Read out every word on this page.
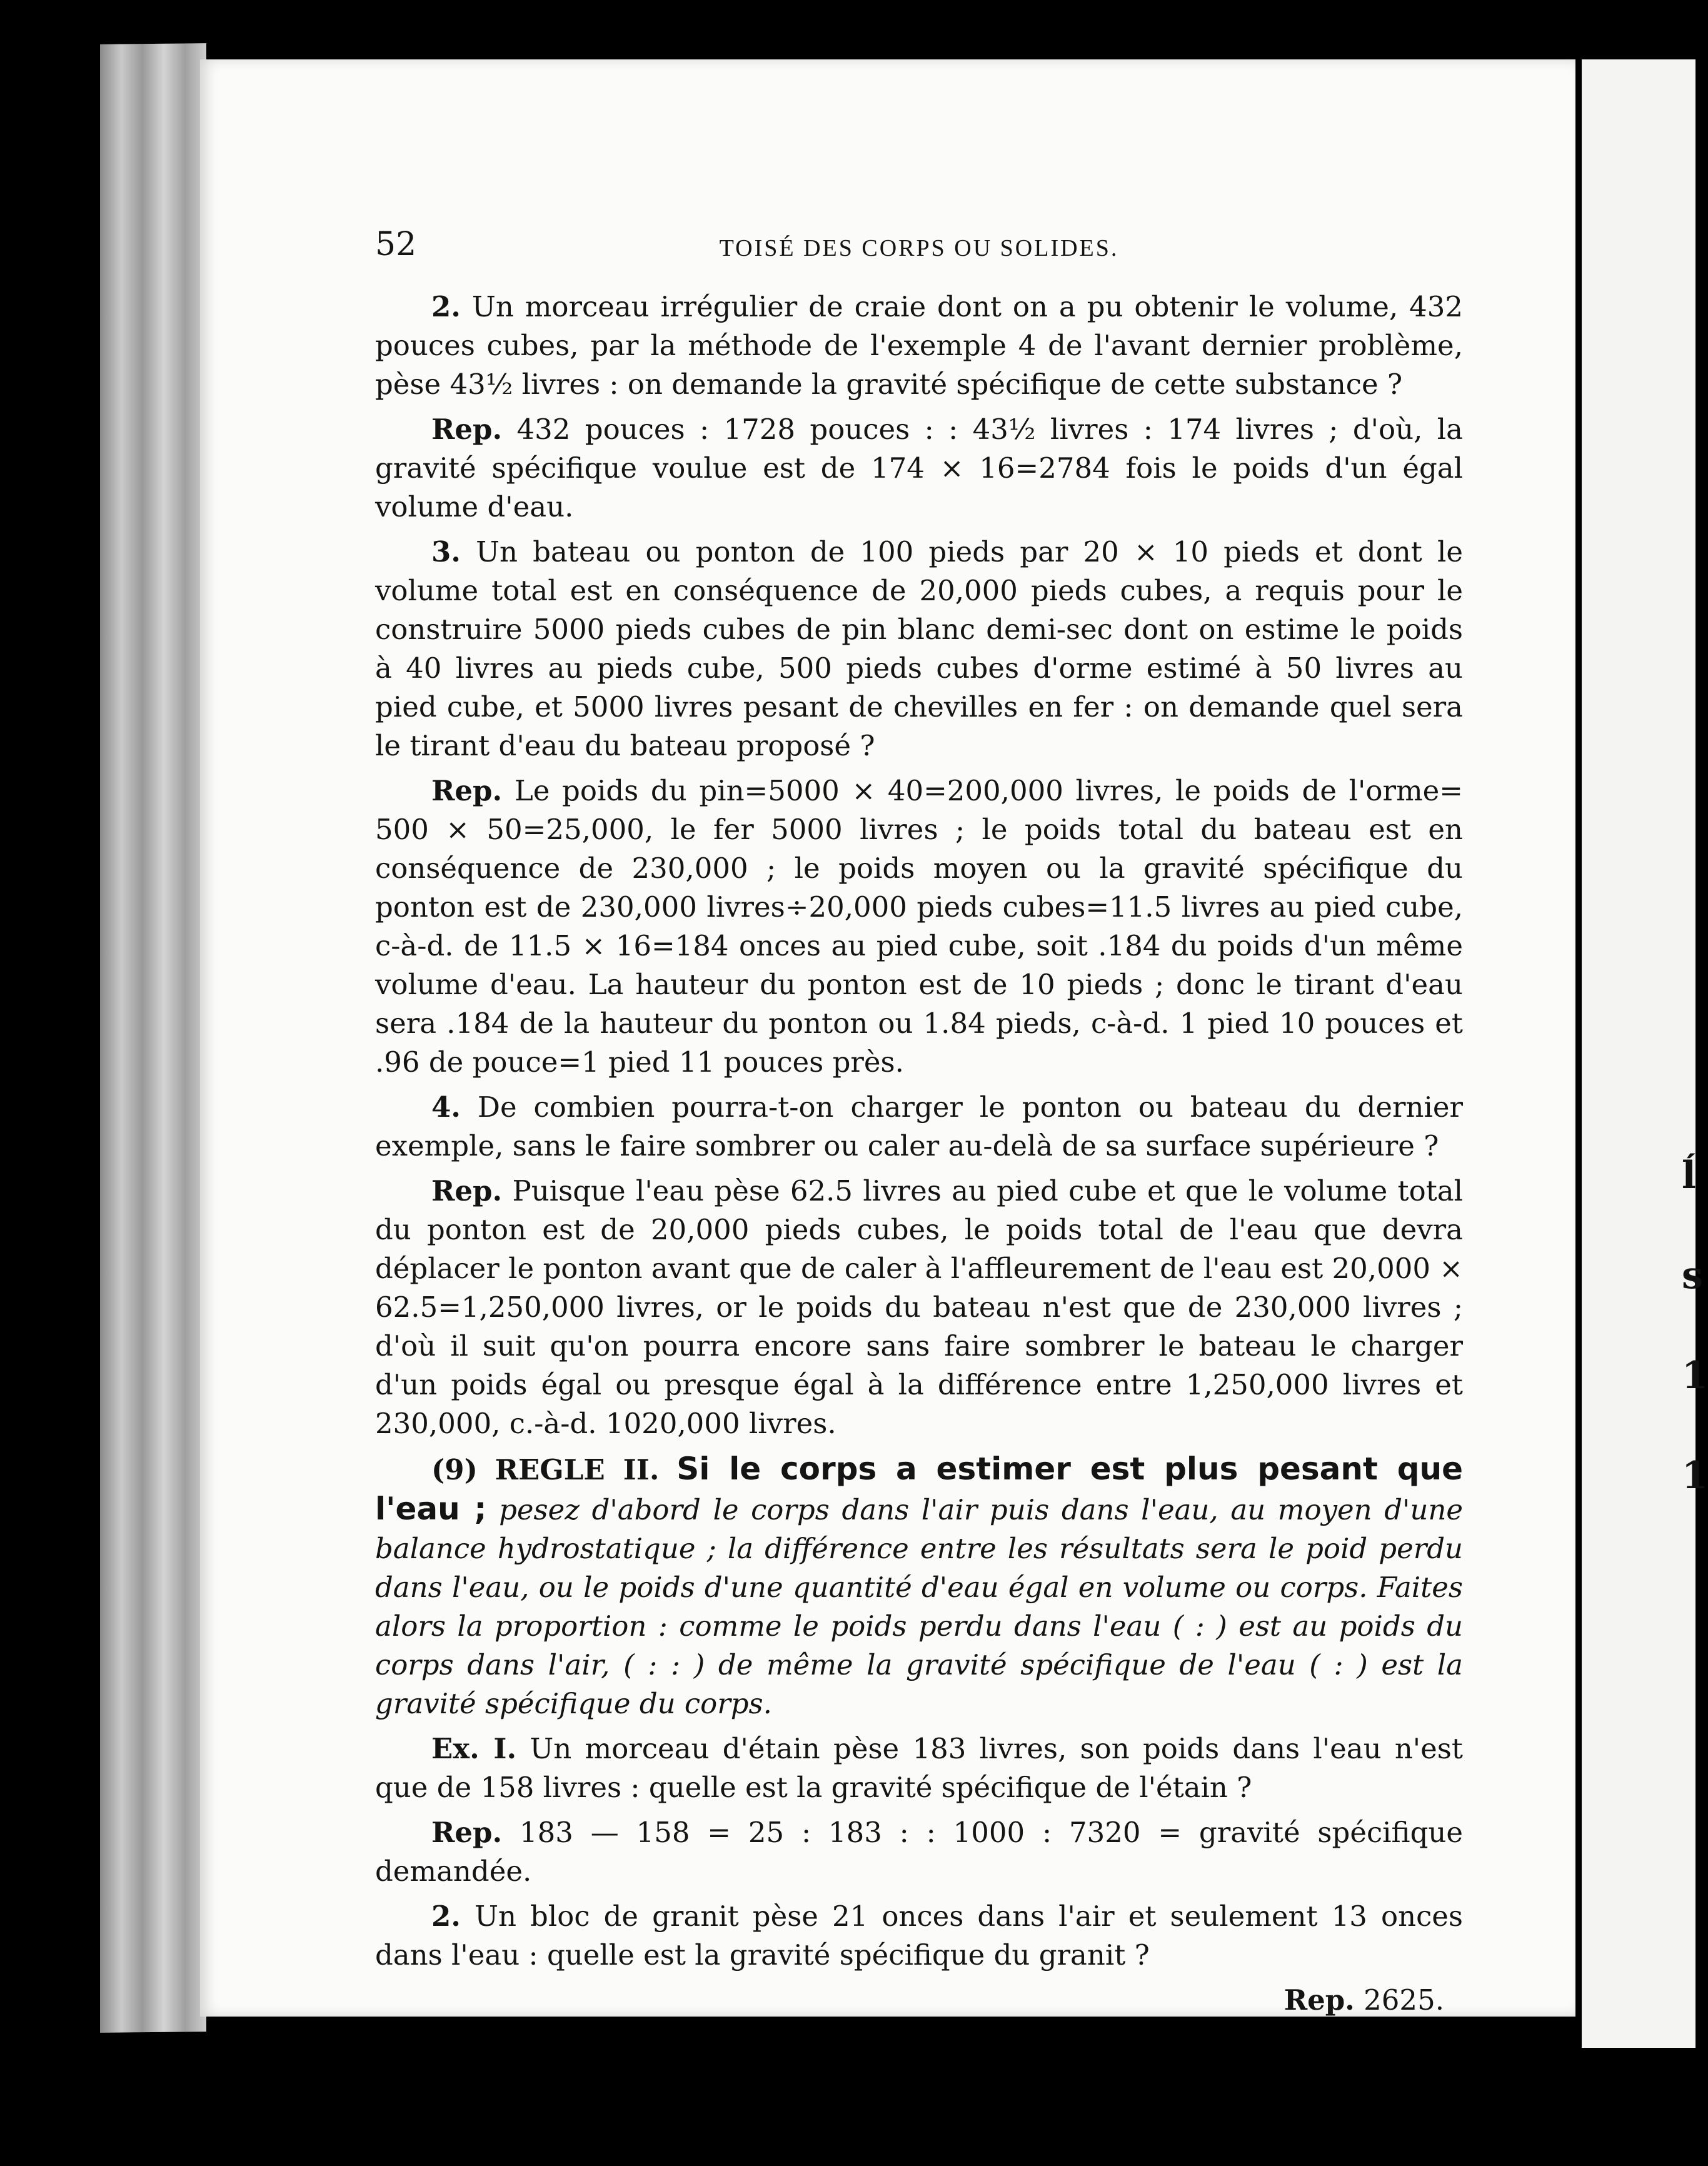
ĺ
s
1
1
52	TOISÉ DES CORPS OU SOLIDES.

2. Un morceau irrégulier de craie dont on a pu obtenir le volume, 432 pouces cubes, par la méthode de l'exemple 4 de l'avant dernier problème, pèse 43½ livres : on demande la gravité spécifique de cette substance ?

Rep. 432 pouces : 1728 pouces : : 43½ livres : 174 livres ; d'où, la gravité spécifique voulue est de 174 × 16=2784 fois le poids d'un égal volume d'eau.

3. Un bateau ou ponton de 100 pieds par 20 × 10 pieds et dont le volume total est en conséquence de 20,000 pieds cubes, a requis pour le construire 5000 pieds cubes de pin blanc demi-sec dont on estime le poids à 40 livres au pieds cube, 500 pieds cubes d'orme estimé à 50 livres au pied cube, et 5000 livres pesant de chevilles en fer : on demande quel sera le tirant d'eau du bateau proposé ?

Rep. Le poids du pin=5000 × 40=200,000 livres, le poids de l'orme= 500 × 50=25,000, le fer 5000 livres ; le poids total du bateau est en conséquence de 230,000 ; le poids moyen ou la gravité spécifique du ponton est de 230,000 livres÷20,000 pieds cubes=11.5 livres au pied cube, c-à-d. de 11.5 × 16=184 onces au pied cube, soit .184 du poids d'un même volume d'eau. La hauteur du ponton est de 10 pieds ; donc le tirant d'eau sera .184 de la hauteur du ponton ou 1.84 pieds, c-à-d. 1 pied 10 pouces et .96 de pouce=1 pied 11 pouces près.

4. De combien pourra-t-on charger le ponton ou bateau du dernier exemple, sans le faire sombrer ou caler au-delà de sa surface supérieure ?

Rep. Puisque l'eau pèse 62.5 livres au pied cube et que le volume total du ponton est de 20,000 pieds cubes, le poids total de l'eau que devra déplacer le ponton avant que de caler à l'affleurement de l'eau est 20,000 × 62.5=1,250,000 livres, or le poids du bateau n'est que de 230,000 livres ; d'où il suit qu'on pourra encore sans faire sombrer le bateau le charger d'un poids égal ou presque égal à la différence entre 1,250,000 livres et 230,000, c.-à-d. 1020,000 livres.

(9) REGLE II. Si le corps a estimer est plus pesant que l'eau ; pesez d'abord le corps dans l'air puis dans l'eau, au moyen d'une balance hydrostatique ; la différence entre les résultats sera le poid perdu dans l'eau, ou le poids d'une quantité d'eau égal en volume ou corps. Faites alors la proportion : comme le poids perdu dans l'eau ( : ) est au poids du corps dans l'air, ( : : ) de même la gravité spécifique de l'eau ( : ) est la gravité spécifique du corps.

Ex. I. Un morceau d'étain pèse 183 livres, son poids dans l'eau n'est que de 158 livres : quelle est la gravité spécifique de l'étain ?

Rep. 183 — 158 = 25 : 183 : : 1000 : 7320 = gravité spécifique demandée.

2. Un bloc de granit pèse 21 onces dans l'air et seulement 13 onces dans l'eau : quelle est la gravité spécifique du granit ?

Rep. 2625.
